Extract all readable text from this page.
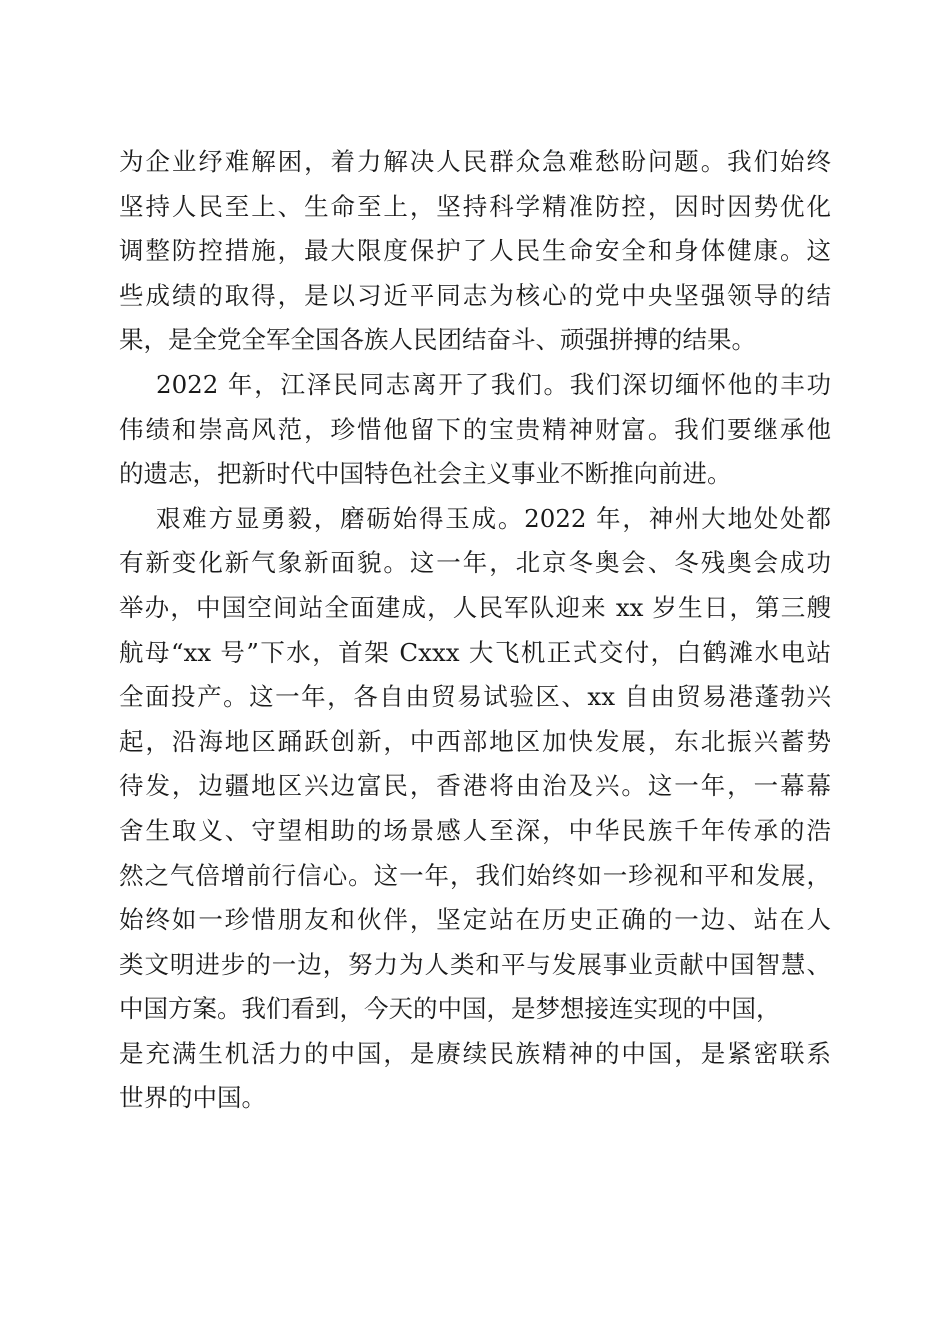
为企业纾难解困，着力解决人民群众急难愁盼问题。我们始终
坚持人民至上、生命至上，坚持科学精准防控，因时因势优化
调整防控措施，最大限度保护了人民生命安全和身体健康。这
些成绩的取得，是以习近平同志为核心的党中央坚强领导的结
果，是全党全军全国各族人民团结奋斗、顽强拼搏的结果。
2022 年，江泽民同志离开了我们。我们深切缅怀他的丰功
伟绩和崇高风范，珍惜他留下的宝贵精神财富。我们要继承他
的遗志，把新时代中国特色社会主义事业不断推向前进。
艰难方显勇毅，磨砺始得玉成。2022 年，神州大地处处都
有新变化新气象新面貌。这一年，北京冬奥会、冬残奥会成功
举办，中国空间站全面建成，人民军队迎来 xx 岁生日，第三艘
航母“xx 号”下水，首架 Cxxx 大飞机正式交付，白鹤滩水电站
全面投产。这一年，各自由贸易试验区、xx 自由贸易港蓬勃兴
起，沿海地区踊跃创新，中西部地区加快发展，东北振兴蓄势
待发，边疆地区兴边富民，香港将由治及兴。这一年，一幕幕
舍生取义、守望相助的场景感人至深，中华民族千年传承的浩
然之气倍增前行信心。这一年，我们始终如一珍视和平和发展，
始终如一珍惜朋友和伙伴，坚定站在历史正确的一边、站在人
类文明进步的一边，努力为人类和平与发展事业贡献中国智慧、
中国方案。我们看到，今天的中国，是梦想接连实现的中国，
是充满生机活力的中国，是赓续民族精神的中国，是紧密联系
世界的中国。
